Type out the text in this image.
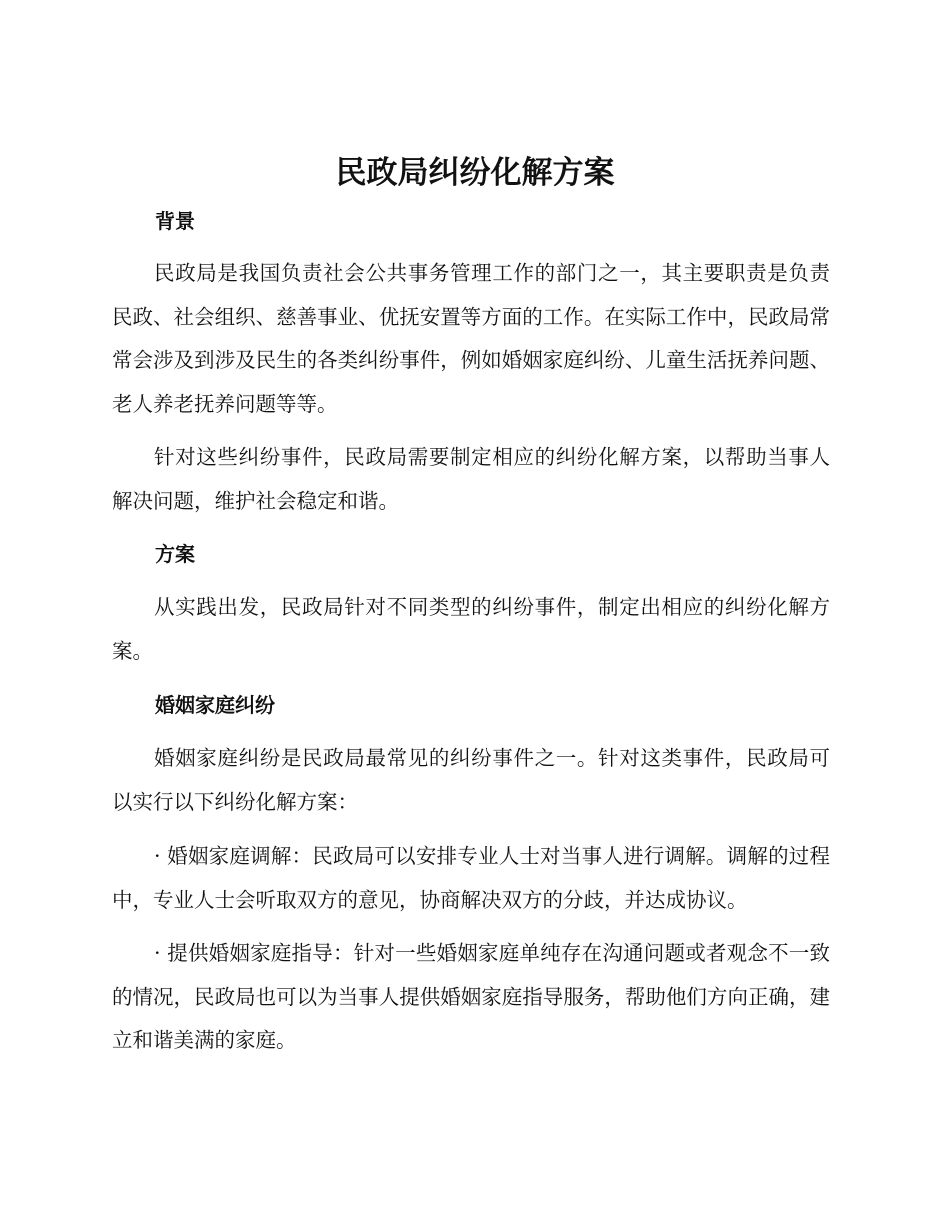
民政局纠纷化解方案
背景

民政局是我国负责社会公共事务管理工作的部门之一，其主要职责是负责民政、社会组织、慈善事业、优抚安置等方面的工作。在实际工作中，民政局常常会涉及到涉及民生的各类纠纷事件，例如婚姻家庭纠纷、儿童生活抚养问题、老人养老抚养问题等等。

针对这些纠纷事件，民政局需要制定相应的纠纷化解方案，以帮助当事人解决问题，维护社会稳定和谐。

方案

从实践出发，民政局针对不同类型的纠纷事件，制定出相应的纠纷化解方案。

婚姻家庭纠纷

婚姻家庭纠纷是民政局最常见的纠纷事件之一。针对这类事件，民政局可以实行以下纠纷化解方案：

· 婚姻家庭调解：民政局可以安排专业人士对当事人进行调解。调解的过程中，专业人士会听取双方的意见，协商解决双方的分歧，并达成协议。

· 提供婚姻家庭指导：针对一些婚姻家庭单纯存在沟通问题或者观念不一致的情况，民政局也可以为当事人提供婚姻家庭指导服务，帮助他们方向正确，建立和谐美满的家庭。
